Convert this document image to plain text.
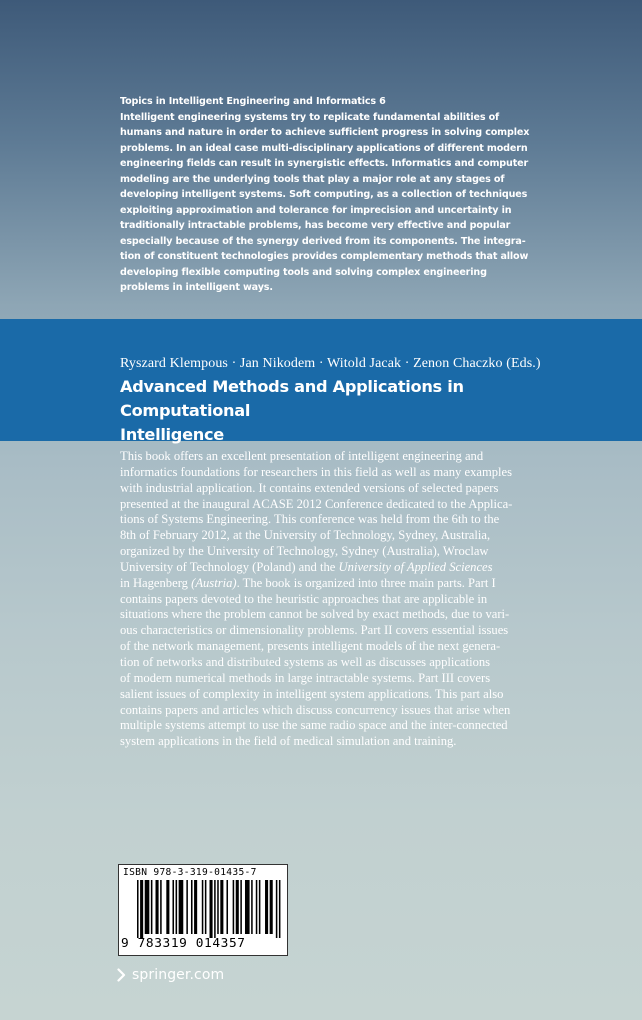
Topics in Intelligent Engineering and Informatics 6

Intelligent engineering systems try to replicate fundamental abilities of

humans and nature in order to achieve sufficient progress in solving complex

problems. In an ideal case multi-disciplinary applications of different modern

engineering fields can result in synergistic effects. Informatics and computer

modeling are the underlying tools that play a major role at any stages of

developing intelligent systems. Soft computing, as a collection of techniques

exploiting approximation and tolerance for imprecision and uncertainty in

traditionally intractable problems, has become very effective and popular

especially because of the synergy derived from its components. The integra-

tion of constituent technologies provides complementary methods that allow

developing flexible computing tools and solving complex engineering

problems in intelligent ways.

Ryszard Klempous · Jan Nikodem · Witold Jacak · Zenon Chaczko (Eds.)
Advanced Methods and Applications in Computational
Intelligence
This book offers an excellent presentation of intelligent engineering and
informatics foundations for researchers in this field as well as many examples
with industrial application. It contains extended versions of selected papers
presented at the inaugural ACASE 2012 Conference dedicated to the Applica-
tions of Systems Engineering. This conference was held from the 6th to the
8th of February 2012, at the University of Technology, Sydney, Australia,
organized by the University of Technology, Sydney (Australia), Wroclaw
University of Technology (Poland) and the University of Applied Sciences
in Hagenberg (Austria). The book is organized into three main parts. Part I
contains papers devoted to the heuristic approaches that are applicable in
situations where the problem cannot be solved by exact methods, due to vari-
ous characteristics or dimensionality problems. Part II covers essential issues
of the network management, presents intelligent models of the next genera-
tion of networks and distributed systems as well as discusses applications
of modern numerical methods in large intractable systems. Part III covers
salient issues of complexity in intelligent system applications. This part also
contains papers and articles which discuss concurrency issues that arise when
multiple systems attempt to use the same radio space and the inter-connected
system applications in the field of medical simulation and training.
ISBN 978-3-319-01435-7
9 783319 014357
springer.com
